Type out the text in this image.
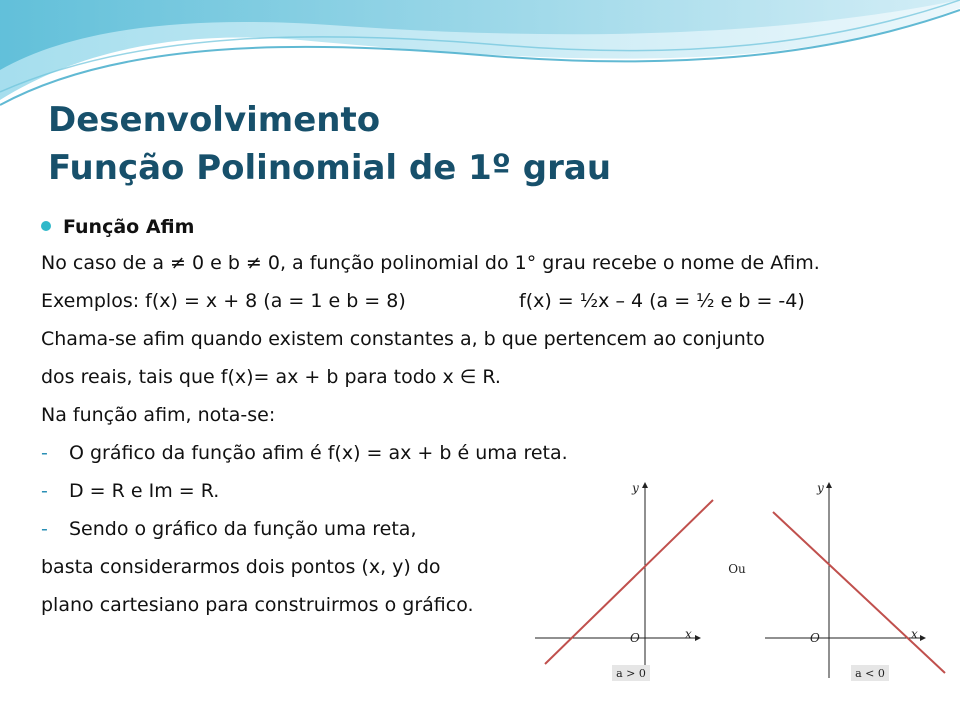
Desenvolvimento
Função Polinomial de 1º grau
Função Afim
No caso de a ≠ 0 e b ≠ 0, a função polinomial do 1° grau recebe o nome de Afim.
Exemplos: f(x) = x + 8 (a = 1 e b = 8)	f(x) = ½x – 4 (a = ½ e b = -4)
Chama-se afim quando existem constantes a, b que pertencem ao conjunto
dos reais, tais que f(x)= ax + b para todo x ∈ R.
Na função afim, nota-se:
- O gráfico da função afim é f(x) = ax + b é uma reta.
- D = R e Im = R.
- Sendo o gráfico da função uma reta,
basta considerarmos dois pontos (x, y) do
plano cartesiano para construirmos o gráfico.
y
x
O
a > 0
Ou
y
x
O
a < 0
